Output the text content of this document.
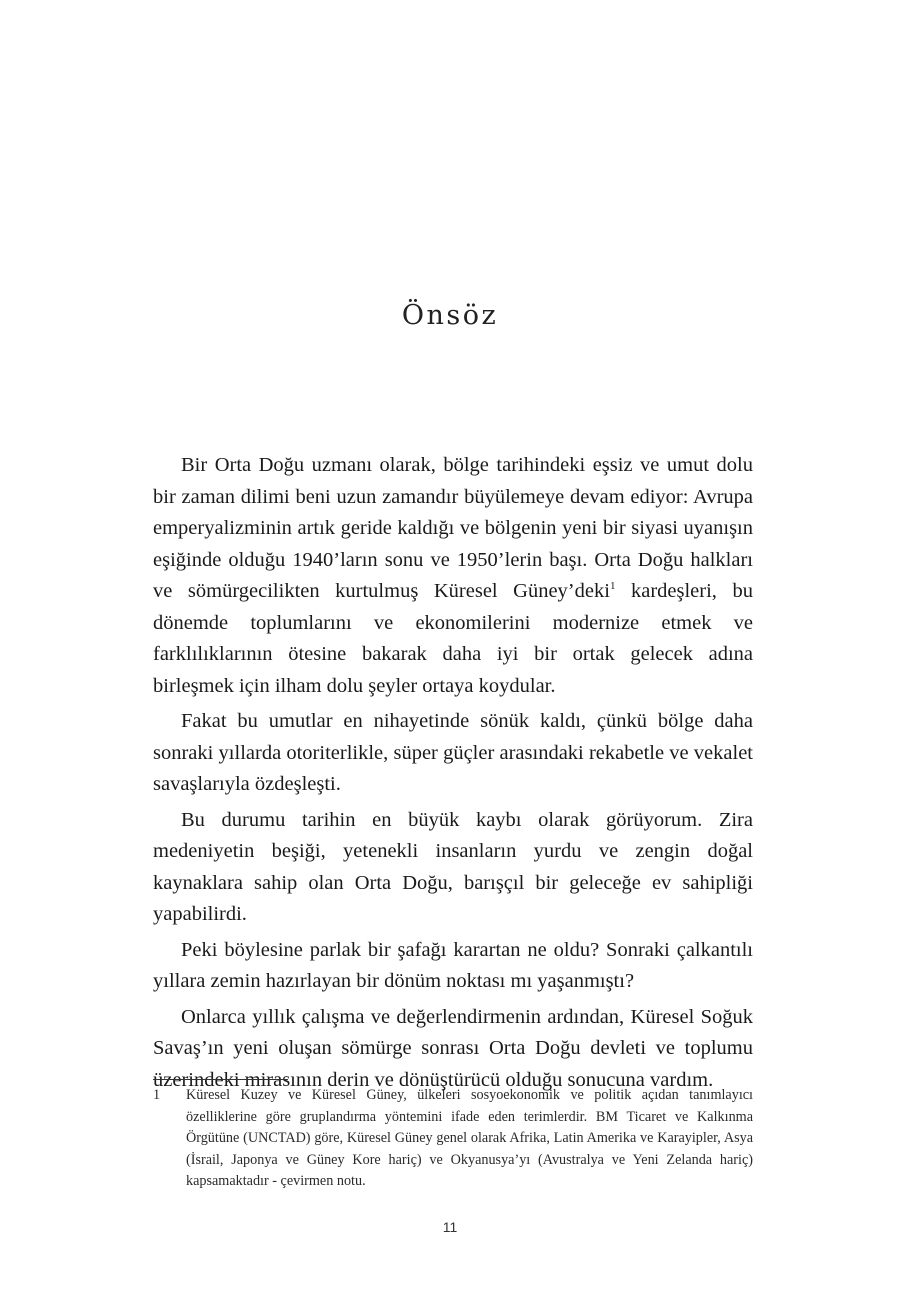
Önsöz

Bir Orta Doğu uzmanı olarak, bölge tarihindeki eşsiz ve umut dolu bir zaman dilimi beni uzun zamandır büyülemeye devam ediyor: Avrupa emperyalizminin artık geride kaldığı ve bölgenin yeni bir siyasi uyanışın eşiğinde olduğu 1940’ların sonu ve 1950’lerin başı. Orta Doğu halkları ve sömürgecilikten kurtulmuş Küresel Güney’deki$^1$ kardeşleri, bu dönemde toplumlarını ve ekonomilerini modernize etmek ve farklılıklarının ötesine bakarak daha iyi bir ortak gelecek adına birleşmek için ilham dolu şeyler ortaya koydular.

Fakat bu umutlar en nihayetinde sönük kaldı, çünkü bölge daha sonraki yıllarda otoriterlikle, süper güçler arasındaki rekabetle ve vekalet savaşlarıyla özdeşleşti.

Bu durumu tarihin en büyük kaybı olarak görüyorum. Zira medeniyetin beşiği, yetenekli insanların yurdu ve zengin doğal kaynaklara sahip olan Orta Doğu, barışçıl bir geleceğe ev sahipliği yapabilirdi.

Peki böylesine parlak bir şafağı karartan ne oldu? Sonraki çalkantılı yıllara zemin hazırlayan bir dönüm noktası mı yaşanmıştı?

Onlarca yıllık çalışma ve değerlendirmenin ardından, Küresel Soğuk Savaş’ın yeni oluşan sömürge sonrası Orta Doğu devleti ve toplumu üzerindeki mirasının derin ve dönüştürücü olduğu sonucuna vardım.

1	Küresel Kuzey ve Küresel Güney, ülkeleri sosyoekonomik ve politik açıdan tanımlayıcı özelliklerine göre gruplandırma yöntemini ifade eden terimlerdir. BM Ticaret ve Kalkınma Örgütüne (UNCTAD) göre, Küresel Güney genel olarak Afrika, Latin Amerika ve Karayipler, Asya (İsrail, Japonya ve Güney Kore hariç) ve Okyanusya’yı (Avustralya ve Yeni Zelanda hariç) kapsamaktadır - çevirmen notu.
11
